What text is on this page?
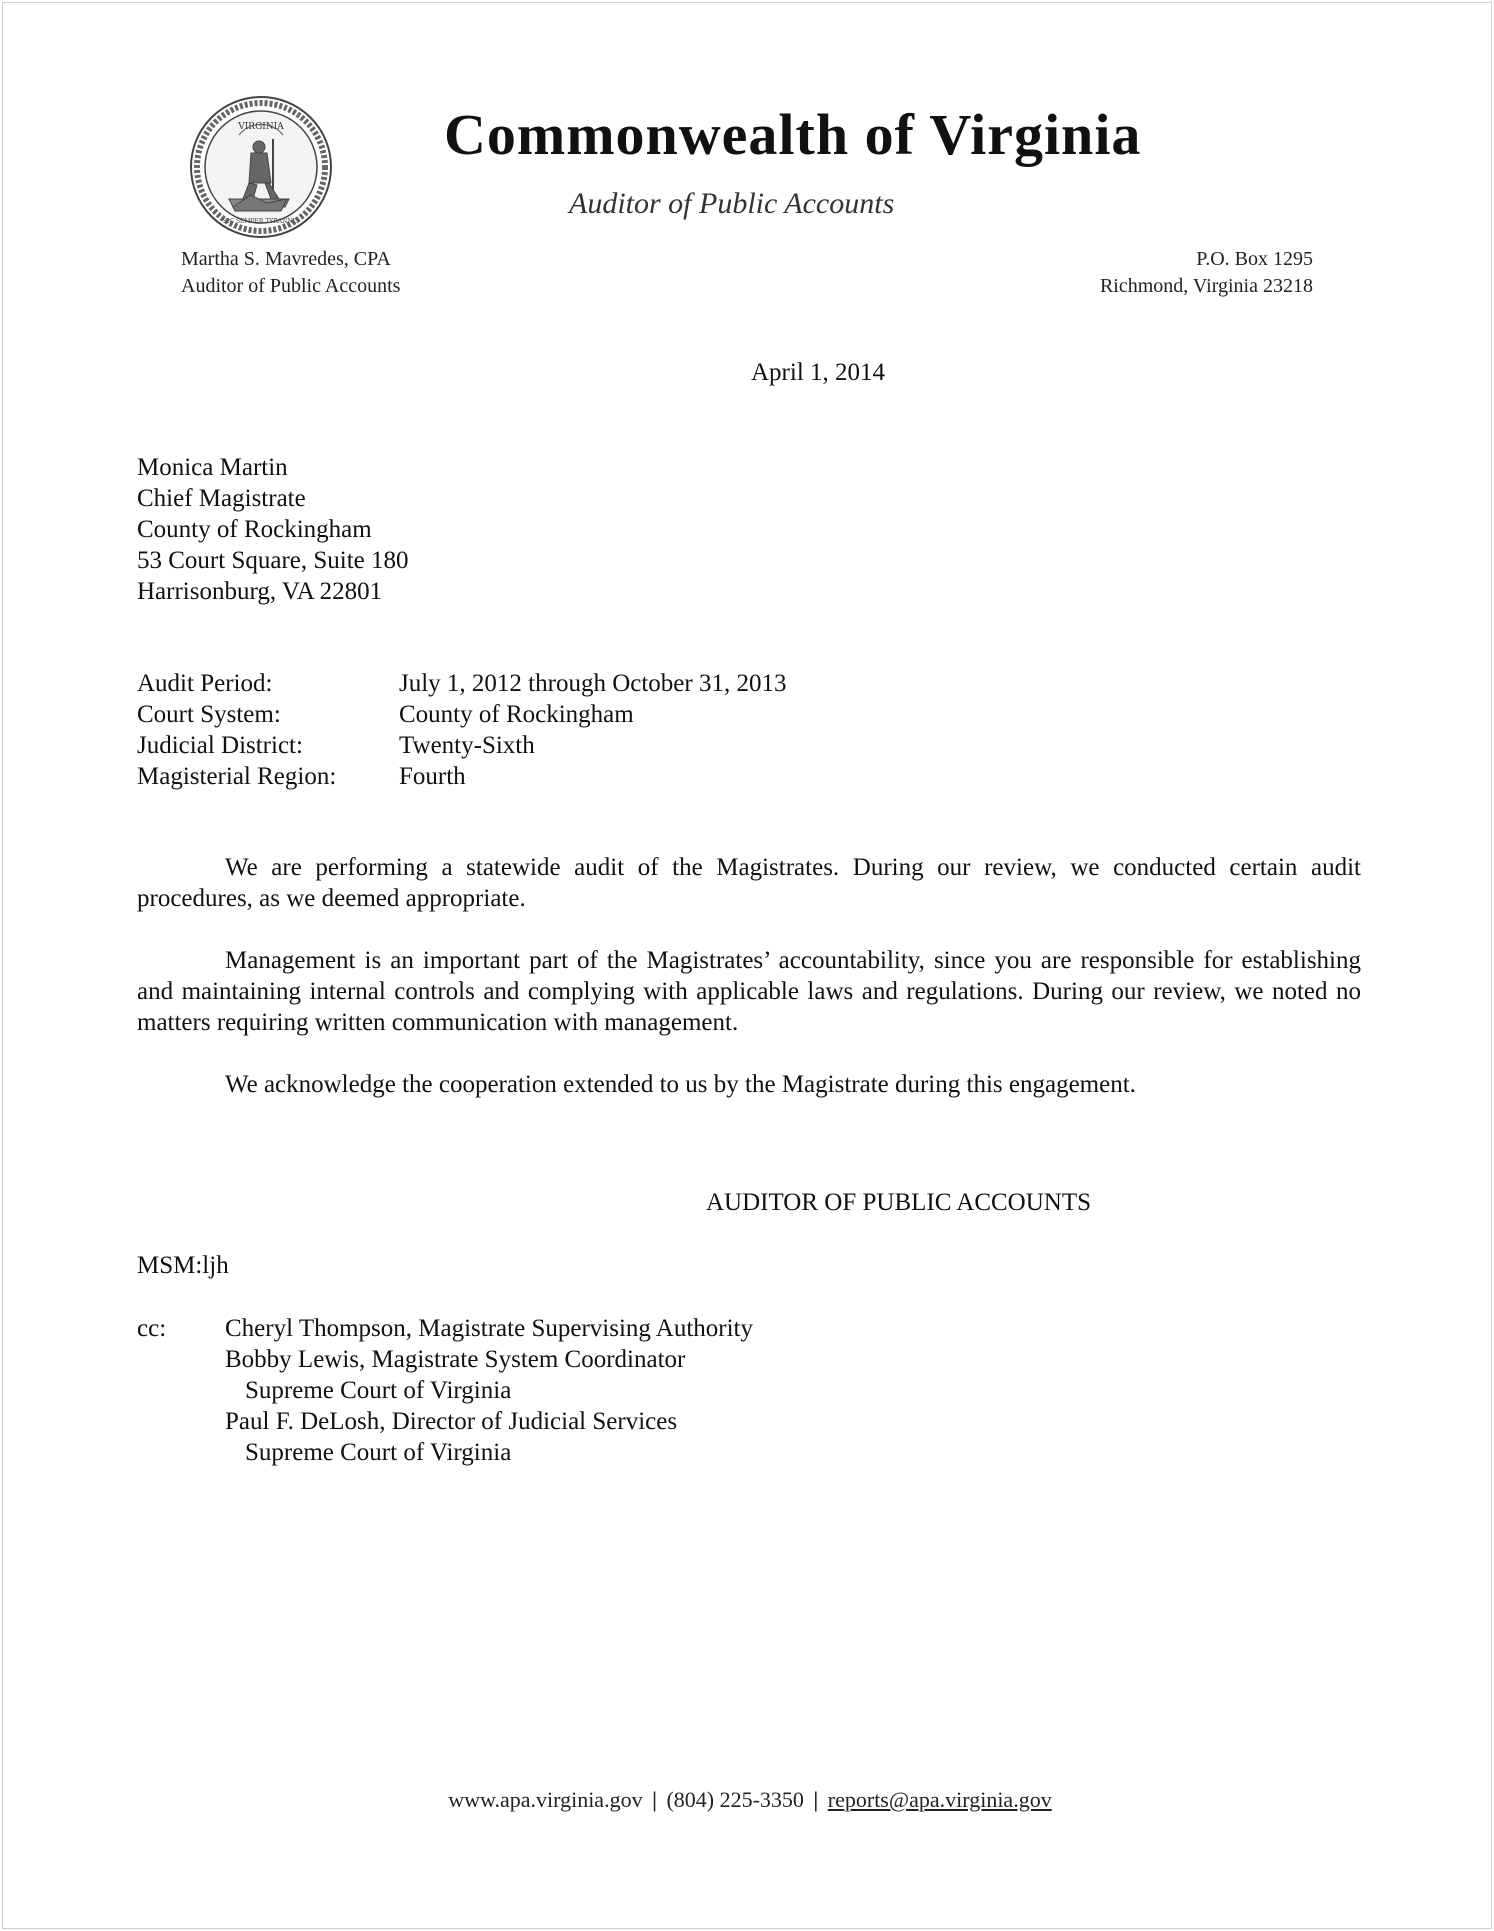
VIRGINIA
SIC SEMPER TYRANNIS
Commonwealth of Virginia
Auditor of Public Accounts
Martha S. Mavredes, CPA
Auditor of Public Accounts
P.O. Box 1295
Richmond, Virginia 23218
April 1, 2014
Monica Martin
Chief Magistrate
County of Rockingham
53 Court Square, Suite 180
Harrisonburg, VA 22801
Audit Period:	July 1, 2012 through October 31, 2013
Court System:	County of Rockingham
Judicial District:	Twenty-Sixth
Magisterial Region:	Fourth
We are performing a statewide audit of the Magistrates. During our review, we conducted certain audit procedures, as we deemed appropriate.
Management is an important part of the Magistrates’ accountability, since you are responsible for establishing and maintaining internal controls and complying with applicable laws and regulations. During our review, we noted no matters requiring written communication with management.
We acknowledge the cooperation extended to us by the Magistrate during this engagement.
AUDITOR OF PUBLIC ACCOUNTS
MSM:ljh
cc:	Cheryl Thompson, Magistrate Supervising Authority
Bobby Lewis, Magistrate System Coordinator
Supreme Court of Virginia
Paul F. DeLosh, Director of Judicial Services
Supreme Court of Virginia
www.apa.virginia.gov | (804) 225-3350 | reports@apa.virginia.gov
